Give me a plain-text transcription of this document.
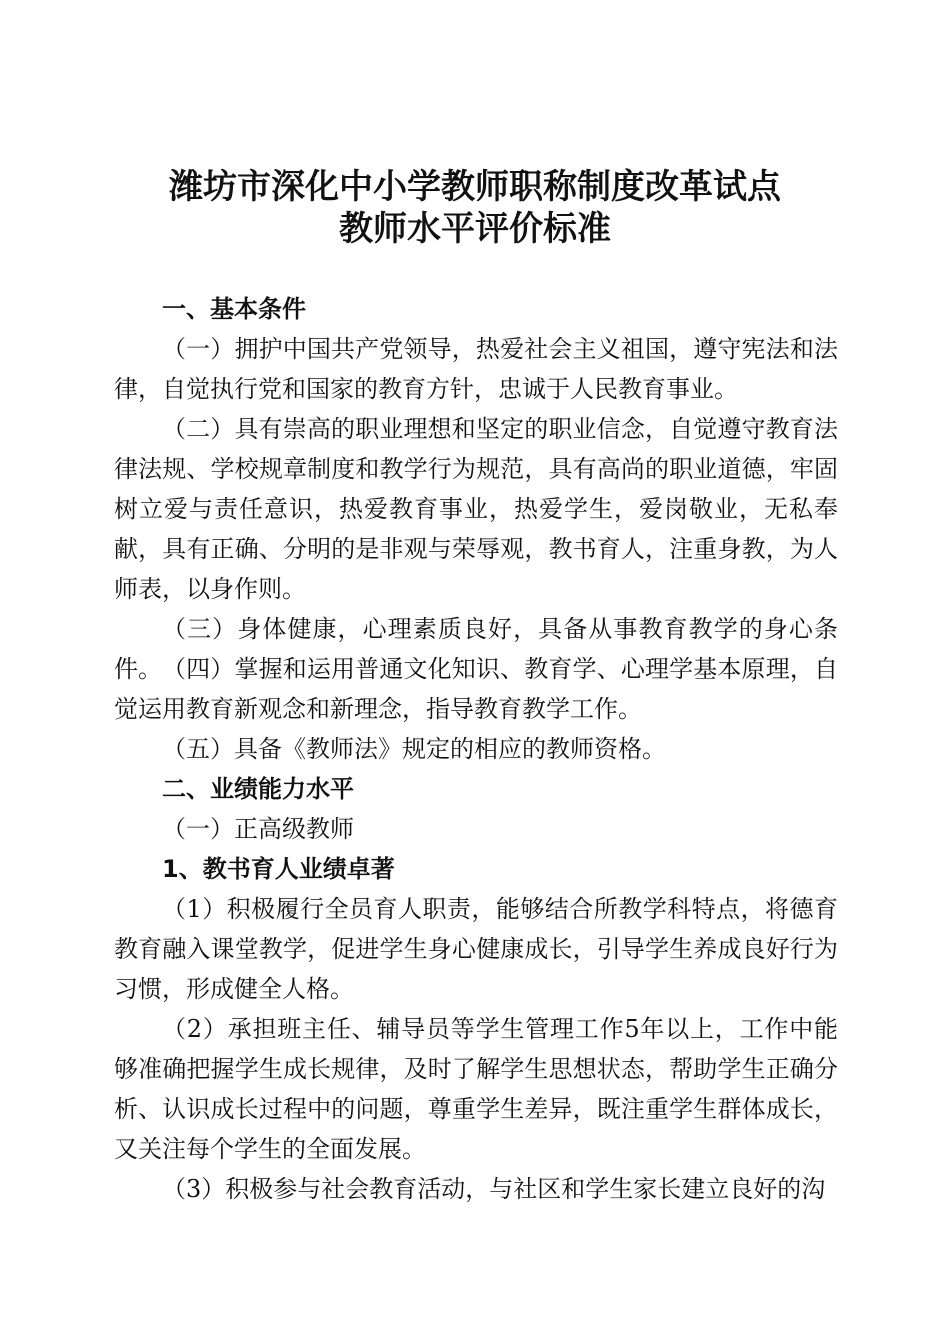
潍坊市深化中小学教师职称制度改革试点
教师水平评价标准
一、基本条件
（一）拥护中国共产党领导，热爱社会主义祖国，遵守宪法和法律，自觉执行党和国家的教育方针，忠诚于人民教育事业。
（二）具有崇高的职业理想和坚定的职业信念，自觉遵守教育法律法规、学校规章制度和教学行为规范，具有高尚的职业道德，牢固树立爱与责任意识，热爱教育事业，热爱学生，爱岗敬业，无私奉献，具有正确、分明的是非观与荣辱观，教书育人，注重身教，为人师表，以身作则。
（三）身体健康，心理素质良好，具备从事教育教学的身心条件。 （四）掌握和运用普通文化知识、教育学、心理学基本原理，自觉运用教育新观念和新理念，指导教育教学工作。
（五）具备《教师法》规定的相应的教师资格。
二、业绩能力水平
（一）正高级教师
1、教书育人业绩卓著
（1）积极履行全员育人职责，能够结合所教学科特点，将德育教育融入课堂教学，促进学生身心健康成长，引导学生养成良好行为习惯，形成健全人格。
（2）承担班主任、辅导员等学生管理工作5年以上，工作中能够准确把握学生成长规律，及时了解学生思想状态，帮助学生正确分析、认识成长过程中的问题，尊重学生差异，既注重学生群体成长，又关注每个学生的全面发展。
（3）积极参与社会教育活动，与社区和学生家长建立良好的沟
